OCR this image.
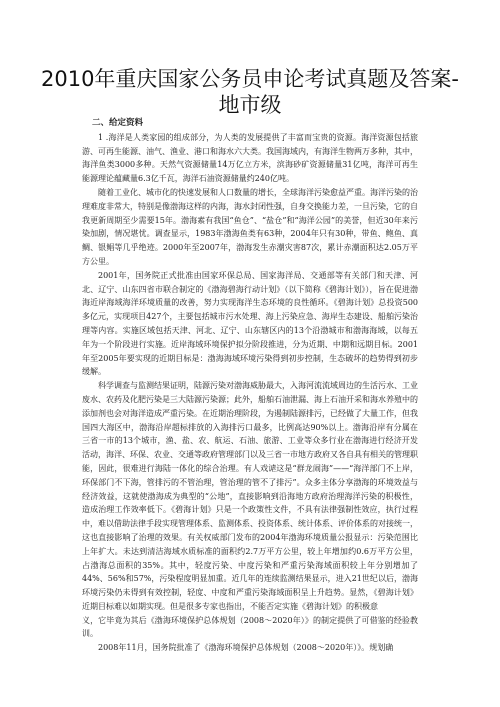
2010年重庆国家公务员申论考试真题及答案-
地市级

二、给定资料

1 .海洋是人类家园的组成部分，为人类的发展提供了丰富而宝贵的资源。海洋资源包括旅游、可再生能源、油气、渔业、港口和海水六大类。我国海域内，有海洋生物两万多种，其中，海洋鱼类3000多种。天然气资源储量14万亿立方米，滨海砂矿资源储量31亿吨，海洋可再生能源理论蕴藏量6.3亿千瓦，海洋石油资源储量约240亿吨。

随着工业化、城市化的快速发展和人口数量的增长，全球海洋污染愈益严重。海洋污染的治理难度非常大，特别是像渤海这样的内海，海水封闭性强，自身交换能力差，一旦污染，它的自我更新周期至少需要15年。渤海素有我国“鱼仓”、“盐仓”和“海洋公园”的美誉，但近30年来污染加剧，情况堪忧。调查显示，1983年渤海鱼类有63种，2004年只有30种，带鱼、鲍鱼、真鲷、银鲳等几乎绝迹。2000年至2007年，渤海发生赤潮灾害87次，累计赤潮面积达2.05万平方公里。

2001年，国务院正式批准由国家环保总局、国家海洋局、交通部等有关部门和天津、河北、辽宁、山东四省市联合制定的《渤海碧海行动计划》（以下简称《碧海计划》），旨在促进渤海近岸海域海洋环境质量的改善，努力实现海洋生态环境的良性循环。《碧海计划》总投资500多亿元，实现项目427个，主要包括城市污水处理、海上污染应急、海岸生态建设、船舶污染治理等内容。实施区域包括天津、河北、辽宁、山东辖区内的13个沿渤城市和渤海海域，以每五年为一个阶段进行实施。近岸海域环境保护拟分阶段推进，分为近期、中期和远期目标。2001年至2005年要实现的近期目标是：渤海海域环境污染得到初步控制，生态破坏的趋势得到初步缓解。

科学调查与监测结果证明，陆源污染对渤海威胁最大，入海河流流域周边的生活污水、工业废水、农药及化肥污染是三大陆源污染源；此外，船舶石油泄漏、海上石油开采和海水养殖中的添加剂也会对海洋造成严重污染。在近期治理阶段，为遏制陆源排污，已经做了大量工作，但我国四大海区中，渤海沿岸超标排放的入海排污口最多，比例高达90%以上。渤海沿岸有分属在三省一市的13个城市，渔、盐、农、航运、石油、旅游、工业等众多行业在渤海进行经济开发活动，海洋、环保、农业、交通等政府管理部门以及三省一市地方政府又各自具有相关的管理职能，因此，很难进行海陆一体化的综合治理。有人戏谑这是“群龙闹海”——“海洋部门不上岸，环保部门不下海，管排污的不管治理，管治理的管不了排污”。众多主体分享渤海的环境效益与经济效益，这就使渤海成为典型的“公地”，直接影响到沿海地方政府治理海洋污染的积极性，造成治理工作效率低下。《碧海计划》只是一个政策性文件，不具有法律强制性效应，执行过程中，难以借助法律手段实现管理体系、监测体系、投资体系、统计体系、评价体系的对接统一，这也直接影响了治理的效果。有关权威部门发布的2004年渤海环境质量公报显示：污染范围比上年扩大。未达到清洁海域水质标准的面积约2.7万平方公里，较上年增加约0.6万平方公里，占渤海总面积的35%。其中，轻度污染、中度污染和严重污染海域面积较上年分别增加了44%、56%和57%，污染程度明显加重。近几年的连续监测结果显示，进入21世纪以后，渤海环境污染仍未得到有效控制，轻度、中度和严重污染海域面积呈上升趋势。显然，《碧海计划》近期目标难以如期实现。但是很多专家也指出，不能否定实施《碧海计划》的积极意

义，它毕竟为其后《渤海环境保护总体规划（2008～2020年）》的制定提供了可借鉴的经验教训。

2008年11月，国务院批准了《渤海环境保护总体规划（2008～2020年）》。规划确
